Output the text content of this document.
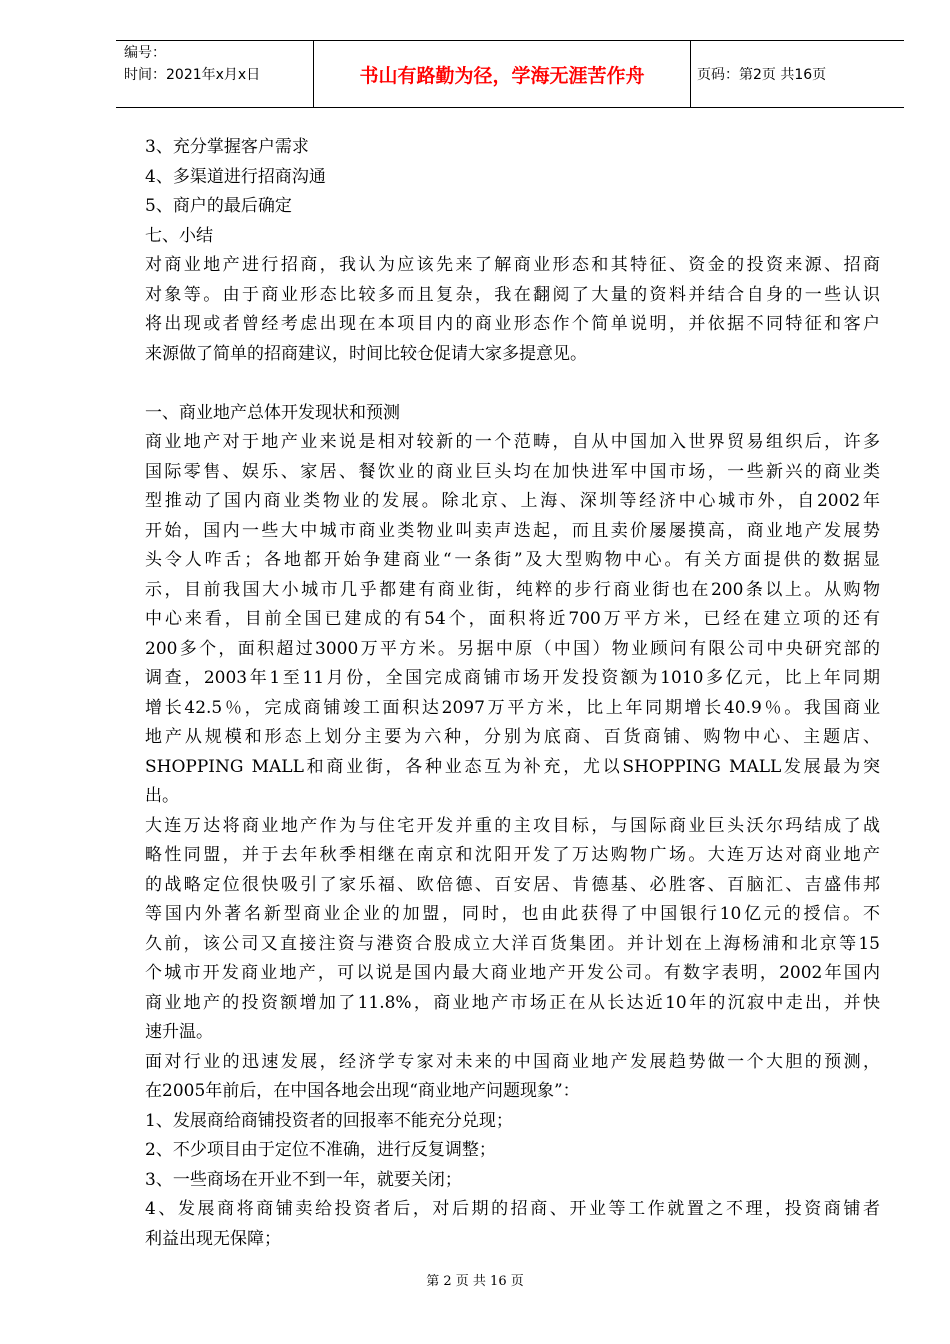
编号：
时间：2021年x月x日	书山有路勤为径，学海无涯苦作舟	页码：第2页 共16页
3、充分掌握客户需求
4、多渠道进行招商沟通
5、商户的最后确定
七、小结
对商业地产进行招商，我认为应该先来了解商业形态和其特征、资金的投资来源、招商
对象等。由于商业形态比较多而且复杂，我在翻阅了大量的资料并结合自身的一些认识
将出现或者曾经考虑出现在本项目内的商业形态作个简单说明，并依据不同特征和客户
来源做了简单的招商建议，时间比较仓促请大家多提意见。
一、商业地产总体开发现状和预测
商业地产对于地产业来说是相对较新的一个范畴，自从中国加入世界贸易组织后，许多
国际零售、娱乐、家居、餐饮业的商业巨头均在加快进军中国市场，一些新兴的商业类
型推动了国内商业类物业的发展。除北京、上海、深圳等经济中心城市外，自2002年
开始，国内一些大中城市商业类物业叫卖声迭起，而且卖价屡屡摸高，商业地产发展势
头令人咋舌；各地都开始争建商业“一条街”及大型购物中心。有关方面提供的数据显
示，目前我国大小城市几乎都建有商业街，纯粹的步行商业街也在200条以上。从购物
中心来看，目前全国已建成的有54个，面积将近700万平方米，已经在建立项的还有
200多个，面积超过3000万平方米。另据中原（中国）物业顾问有限公司中央研究部的
调查，2003年1至11月份，全国完成商铺市场开发投资额为1010多亿元，比上年同期
增长42.5％，完成商铺竣工面积达2097万平方米，比上年同期增长40.9％。我国商业
地产从规模和形态上划分主要为六种，分别为底商、百货商铺、购物中心、主题店、
SHOPPING MALL和商业街，各种业态互为补充，尤以SHOPPING MALL发展最为突
出。
大连万达将商业地产作为与住宅开发并重的主攻目标，与国际商业巨头沃尔玛结成了战
略性同盟，并于去年秋季相继在南京和沈阳开发了万达购物广场。大连万达对商业地产
的战略定位很快吸引了家乐福、欧倍德、百安居、肯德基、必胜客、百脑汇、吉盛伟邦
等国内外著名新型商业企业的加盟，同时，也由此获得了中国银行10亿元的授信。不
久前，该公司又直接注资与港资合股成立大洋百货集团。并计划在上海杨浦和北京等15
个城市开发商业地产，可以说是国内最大商业地产开发公司。有数字表明，2002年国内
商业地产的投资额增加了11.8%，商业地产市场正在从长达近10年的沉寂中走出，并快
速升温。
面对行业的迅速发展，经济学专家对未来的中国商业地产发展趋势做一个大胆的预测，
在2005年前后，在中国各地会出现“商业地产问题现象”：
1、发展商给商铺投资者的回报率不能充分兑现；
2、不少项目由于定位不准确，进行反复调整；
3、一些商场在开业不到一年，就要关闭；
4、发展商将商铺卖给投资者后，对后期的招商、开业等工作就置之不理，投资商铺者
利益出现无保障；
第 2 页 共 16 页
